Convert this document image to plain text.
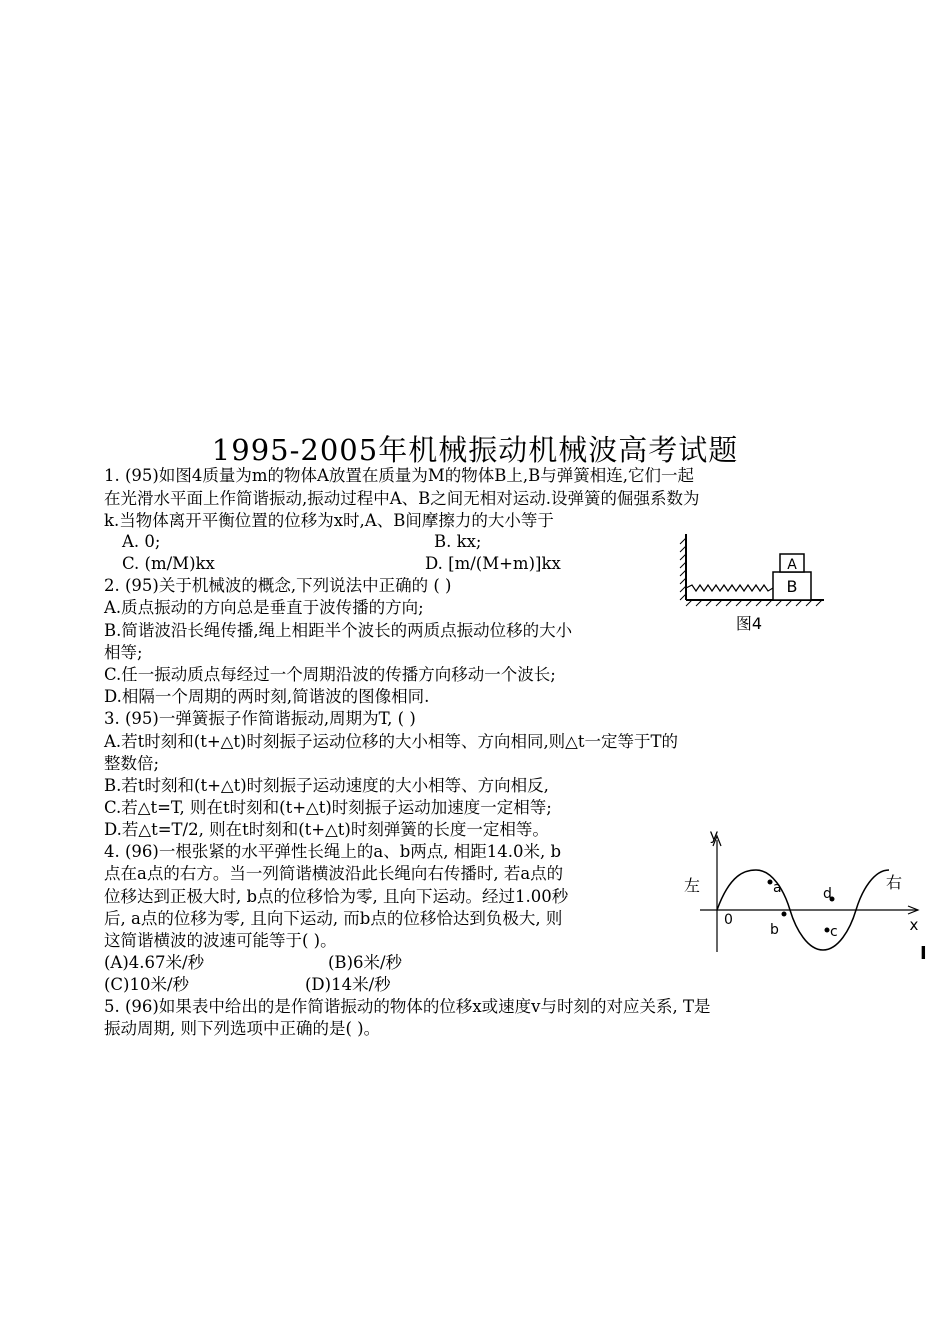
1995-2005年机械振动机械波高考试题
1. (95)如图4质量为m的物体A放置在质量为M的物体B上,B与弹簧相连,它们一起
在光滑水平面上作简谐振动,振动过程中A、B之间无相对运动.设弹簧的倔强系数为
k.当物体离开平衡位置的位移为x时,A、B间摩擦力的大小等于
A. 0;	B. kx;
C. (m/M)kx	D. [m/(M+m)]kx
B
A
图4
2. (95)关于机械波的概念,下列说法中正确的 ( )
A.质点振动的方向总是垂直于波传播的方向;
B.简谐波沿长绳传播,绳上相距半个波长的两质点振动位移的大小
相等;
C.任一振动质点每经过一个周期沿波的传播方向移动一个波长;
D.相隔一个周期的两时刻,简谐波的图像相同.
3. (95)一弹簧振子作简谐振动,周期为T, ( )
A.若t时刻和(t+△t)时刻振子运动位移的大小相等、方向相同,则△t一定等于T的
整数倍;
B.若t时刻和(t+△t)时刻振子运动速度的大小相等、方向相反,
C.若△t=T, 则在t时刻和(t+△t)时刻振子运动加速度一定相等;
D.若△t=T/2, 则在t时刻和(t+△t)时刻弹簧的长度一定相等。
4. (96)一根张紧的水平弹性长绳上的a、b两点, 相距14.0米, b
点在a点的右方。当一列简谐横波沿此长绳向右传播时, 若a点的
位移达到正极大时, b点的位移恰为零, 且向下运动。经过1.00秒
后, a点的位移为零, 且向下运动, 而b点的位移恰达到负极大, 则
这简谐横波的波速可能等于( )。
(A)4.67米/秒	(B)6米/秒
(C)10米/秒	(D)14米/秒
y
x
0
a
b	c
d
左	右
I
5. (96)如果表中给出的是作简谐振动的物体的位移x或速度v与时刻的对应关系, T是
振动周期, 则下列选项中正确的是( )。
